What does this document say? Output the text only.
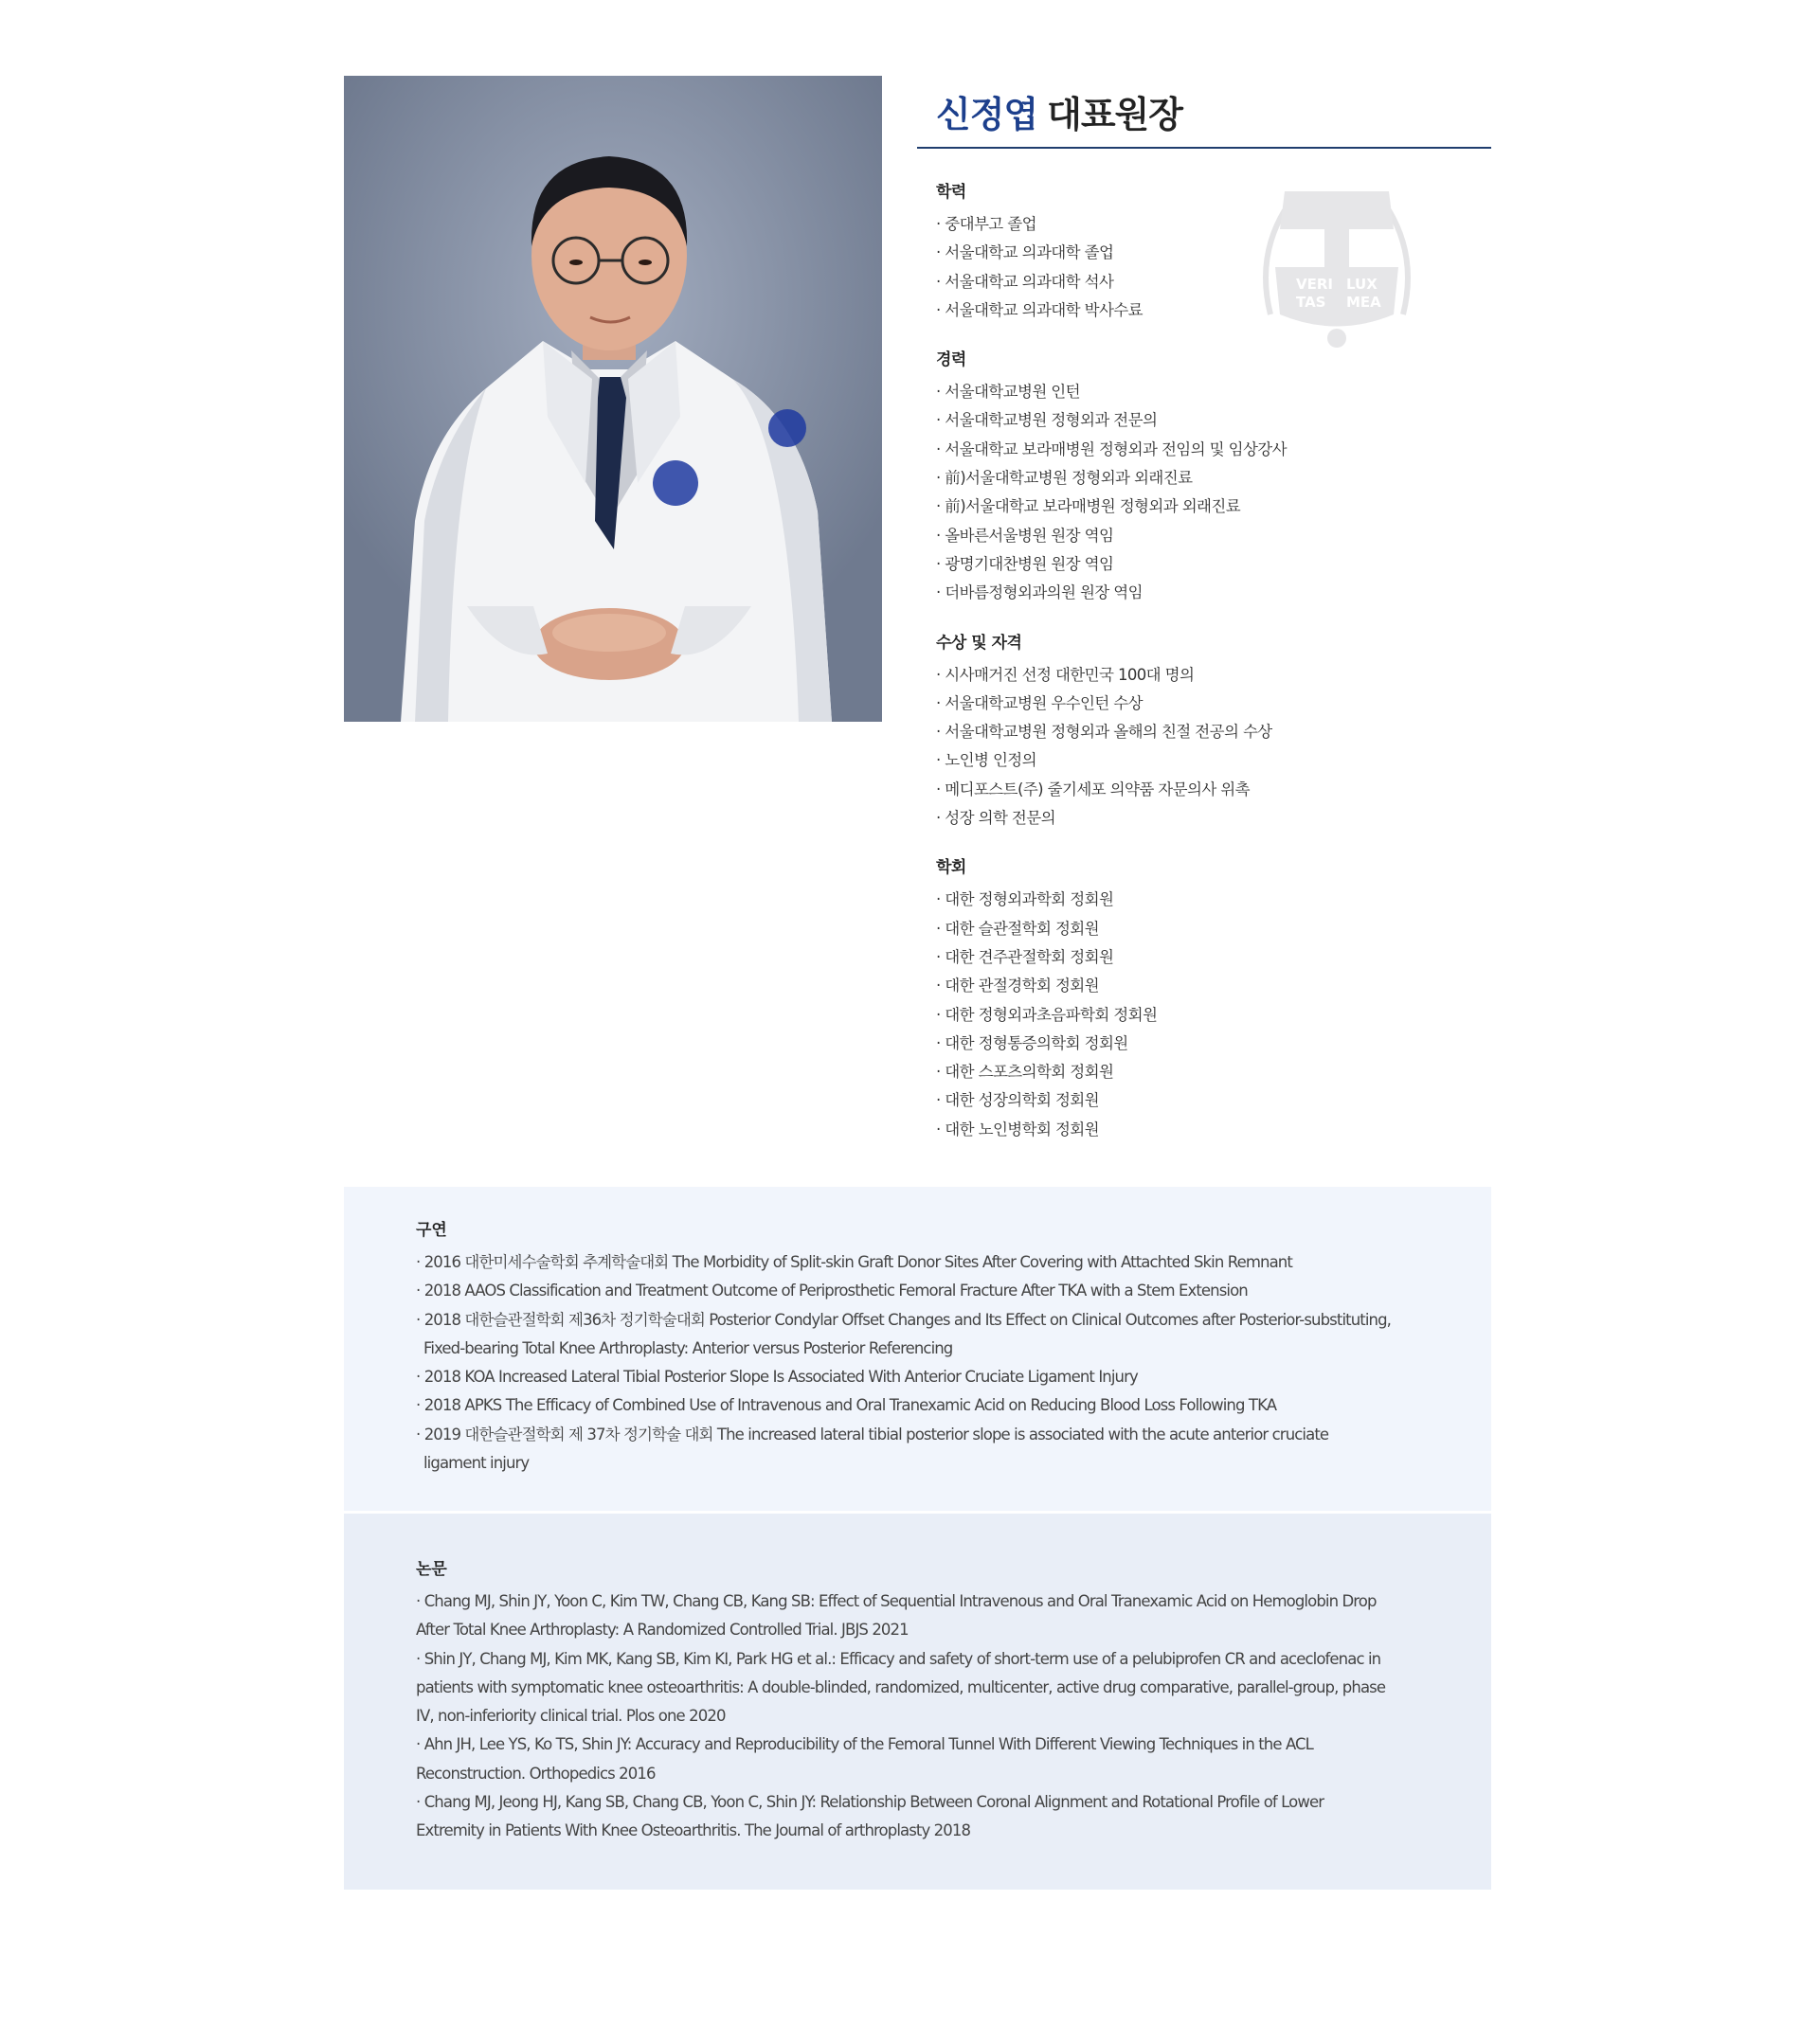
신정엽 대표원장
VERI LUX
TAS MEA
학력
· 중대부고 졸업
· 서울대학교 의과대학 졸업
· 서울대학교 의과대학 석사
· 서울대학교 의과대학 박사수료
경력
· 서울대학교병원 인턴
· 서울대학교병원 정형외과 전문의
· 서울대학교 보라매병원 정형외과 전임의 및 임상강사
· 前)서울대학교병원 정형외과 외래진료
· 前)서울대학교 보라매병원 정형외과 외래진료
· 올바른서울병원 원장 역임
· 광명기대찬병원 원장 역임
· 더바름정형외과의원 원장 역임
수상 및 자격
· 시사매거진 선정 대한민국 100대 명의
· 서울대학교병원 우수인턴 수상
· 서울대학교병원 정형외과 올해의 친절 전공의 수상
· 노인병 인정의
· 메디포스트(주) 줄기세포 의약품 자문의사 위촉
· 성장 의학 전문의
학회
· 대한 정형외과학회 정회원
· 대한 슬관절학회 정회원
· 대한 견주관절학회 정회원
· 대한 관절경학회 정회원
· 대한 정형외과초음파학회 정회원
· 대한 정형통증의학회 정회원
· 대한 스포츠의학회 정회원
· 대한 성장의학회 정회원
· 대한 노인병학회 정회원
구연
· 2016 대한미세수술학회 추계학술대회 The Morbidity of Split-skin Graft Donor Sites After Covering with Attachted Skin Remnant
· 2018 AAOS Classification and Treatment Outcome of Periprosthetic Femoral Fracture After TKA with a Stem Extension
· 2018 대한슬관절학회 제36차 정기학술대회 Posterior Condylar Offset Changes and Its Effect on Clinical Outcomes after Posterior-substituting, Fixed-bearing Total Knee Arthroplasty: Anterior versus Posterior Referencing
· 2018 KOA Increased Lateral Tibial Posterior Slope Is Associated With Anterior Cruciate Ligament Injury
· 2018 APKS The Efficacy of Combined Use of Intravenous and Oral Tranexamic Acid on Reducing Blood Loss Following TKA
· 2019 대한슬관절학회 제 37차 정기학술 대회 The increased lateral tibial posterior slope is associated with the acute anterior cruciate ligament injury
논문
· Chang MJ, Shin JY, Yoon C, Kim TW, Chang CB, Kang SB: Effect of Sequential Intravenous and Oral Tranexamic Acid on Hemoglobin Drop After Total Knee Arthroplasty: A Randomized Controlled Trial. JBJS 2021
· Shin JY, Chang MJ, Kim MK, Kang SB, Kim KI, Park HG et al.: Efficacy and safety of short-term use of a pelubiprofen CR and aceclofenac in patients with symptomatic knee osteoarthritis: A double-blinded, randomized, multicenter, active drug comparative, parallel-group, phase IV, non-inferiority clinical trial. Plos one 2020
· Ahn JH, Lee YS, Ko TS, Shin JY: Accuracy and Reproducibility of the Femoral Tunnel With Different Viewing Techniques in the ACL Reconstruction. Orthopedics 2016
· Chang MJ, Jeong HJ, Kang SB, Chang CB, Yoon C, Shin JY: Relationship Between Coronal Alignment and Rotational Profile of Lower Extremity in Patients With Knee Osteoarthritis. The Journal of arthroplasty 2018
